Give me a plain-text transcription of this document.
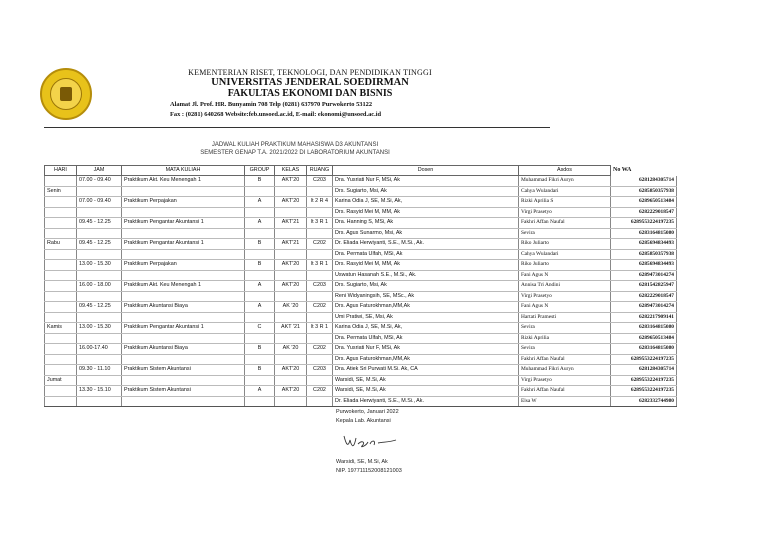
KEMENTERIAN RISET, TEKNOLOGI, DAN PENDIDIKAN TINGGI
UNIVERSITAS JENDERAL SOEDIRMAN
FAKULTAS EKONOMI DAN BISNIS
Alamat Jl. Prof. HR. Bunyamin 708 Telp (0281) 637970 Purwokerto 53122
Fax : (0281) 640268 Website:feb.unsoed.ac.id, E-mail: ekonomi@unsoed.ac.id
JADWAL KULIAH PRAKTIKUM MAHASISWA D3 AKUNTANSI
SEMESTER GENAP T.A. 2021/2022 DI LABORATORIUM AKUNTANSI
HARI	JAM	MATA KULIAH	GROUP	KELAS	RUANG	Dosen	Asdos	No WA
	07.00 - 09.40	Praktikum Akt. Keu Menengah 1	B	AKT'20	C203	Dra. Yusriati Nur F, MSi, Ak	Muhammad Fikri Auryn	6281284305714
Senin						Drs. Sugiarto, Msi, Ak	Cahya Wulandari	6285850357938
	07.00 - 09.40	Praktikum Perpajakan	A	AKT'20	lt 2 R 4	Karina Odia J, SE, M.Si, Ak,	Rizki Aprilia S	6289650513484
						Drs. Rasyid Mei M, MM, Ak	Virgi Prasetyo	6282229018547
	09.45 - 12.25	Praktikum Pengantar Akuntansi 1	A	AKT'21	lt 3 R 1	Dra. Hanning S, MSi, Ak	Fakhri Affan Naufal	6289553224197235
						Drs. Agus Sunarmo, Msi, Ak	Sevira	6283164815080
Rabu	09.45 - 12.25	Praktikum Pengantar Akuntansi 1	B	AKT'21	C202	Dr. Eliada Herwiyanti, S.E., M.Si., Ak.	Riko Juliarto	6285694834493
						Dra. Permata Ulfah, MSi, Ak	Cahya Wulandari	6285850357938
	13.00 - 15.30	Praktikum Perpajakan	B	AKT'20	lt 3 R 1	Drs. Rasyid Mei M, MM, Ak	Riko Juliarto	6285694834493
						Uswatun Hasanah S.E., M.Si., Ak.	Fani Agus N	6289473014274
	16.00 - 18.00	Praktikum Akt. Keu Menengah 1	A	AKT'20	C203	Drs. Sugiarto, Msi, Ak	Annisa Tri Andini	6281542825947
						Reni Widyaningsih, SE, MSc., Ak	Virgi Prasetyo	6282229018547
	09.45 - 12.25	Praktikum Akuntansi Biaya	A	AK '20	C202	Drs. Agus Faturokhman,MM,Ak	Fani Agus N	6289473014274
						Umi Pratiwi, SE, Msi, Ak	Hartati Pramesti	6282217909141
Kamis	13.00 - 15.30	Praktikum Pengantar Akuntansi 1	C	AKT '21	lt 3 R 1	Karina Odia J, SE, M.Si, Ak,	Sevira	6283164815080
						Dra. Permata Ulfah, MSi, Ak	Rizki Aprilia	6289650513484
	16.00-17.40	Praktikum Akuntansi Biaya	B	AK '20	C202	Dra. Yusriati Nur F, MSi, Ak	Sevira	6283164815080
						Drs. Agus Faturokhman,MM,Ak	Fakhri Affan Naufal	6289553224197235
	09.30 - 11.10	Praktikum Sistem Akuntansi	B	AKT'20	C203	Dra. Atiek Sri Purwati M.Si. Ak, CA	Muhammad Fikri Auryn	6281284305714
Jumat						Warsidi, SE, M.Si, Ak	Virgi Prasetyo	6289553224197235
	13.30 - 15.10	Praktikum Sistem Akuntansi	A	AKT'20	C202	Warsidi, SE, M.Si, Ak	Fakhri Affan Naufal	6289553224197235
						Dr. Eliada Herwiyanti, S.E., M.Si., Ak.	Elsa W	6282332744980
Purwokerto, Januari 2022
Kepala Lab. Akuntansi
Warsidi, SE, M.Si, Ak
NIP. 197711152008121003
